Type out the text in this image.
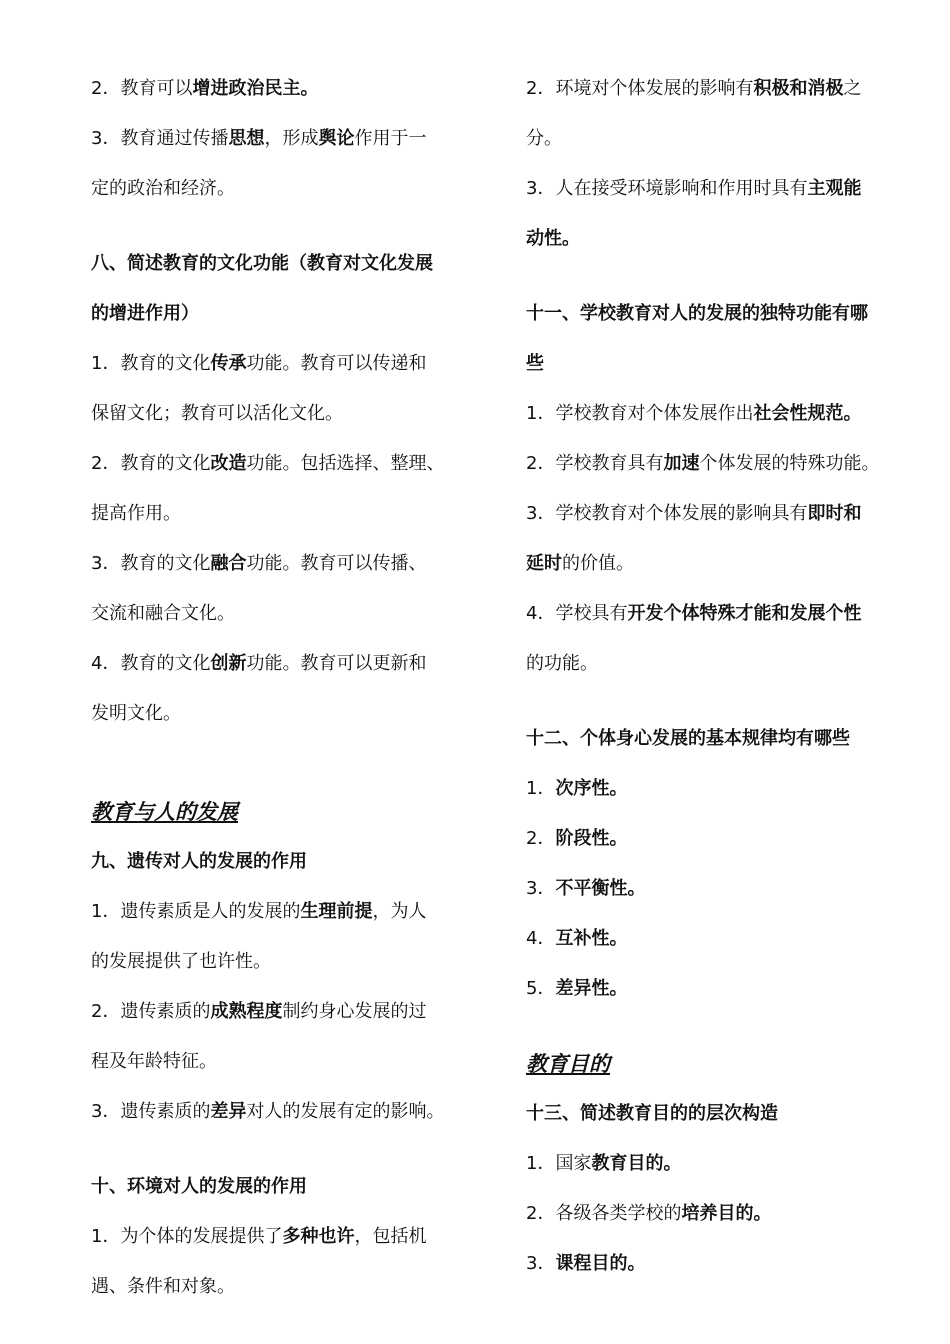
2．教育可以增进政治民主。
3．教育通过传播思想，形成舆论作用于一
定的政治和经济。
八、简述教育的文化功能（教育对文化发展
的增进作用）
1．教育的文化传承功能。教育可以传递和
保留文化；教育可以活化文化。
2．教育的文化改造功能。包括选择、整理、
提高作用。
3．教育的文化融合功能。教育可以传播、
交流和融合文化。
4．教育的文化创新功能。教育可以更新和
发明文化。
教育与人的发展
九、遗传对人的发展的作用
1．遗传素质是人的发展的生理前提，为人
的发展提供了也许性。
2．遗传素质的成熟程度制约身心发展的过
程及年龄特征。
3．遗传素质的差异对人的发展有定的影响。
十、环境对人的发展的作用
1．为个体的发展提供了多种也许，包括机
遇、条件和对象。
2．环境对个体发展的影响有积极和消极之
分。
3．人在接受环境影响和作用时具有主观能
动性。
十一、学校教育对人的发展的独特功能有哪
些
1．学校教育对个体发展作出社会性规范。
2．学校教育具有加速个体发展的特殊功能。
3．学校教育对个体发展的影响具有即时和
延时的价值。
4．学校具有开发个体特殊才能和发展个性
的功能。
十二、个体身心发展的基本规律均有哪些
1．次序性。
2．阶段性。
3．不平衡性。
4．互补性。
5．差异性。
教育目的
十三、简述教育目的的层次构造
1．国家教育目的。
2．各级各类学校的培养目的。
3．课程目的。
